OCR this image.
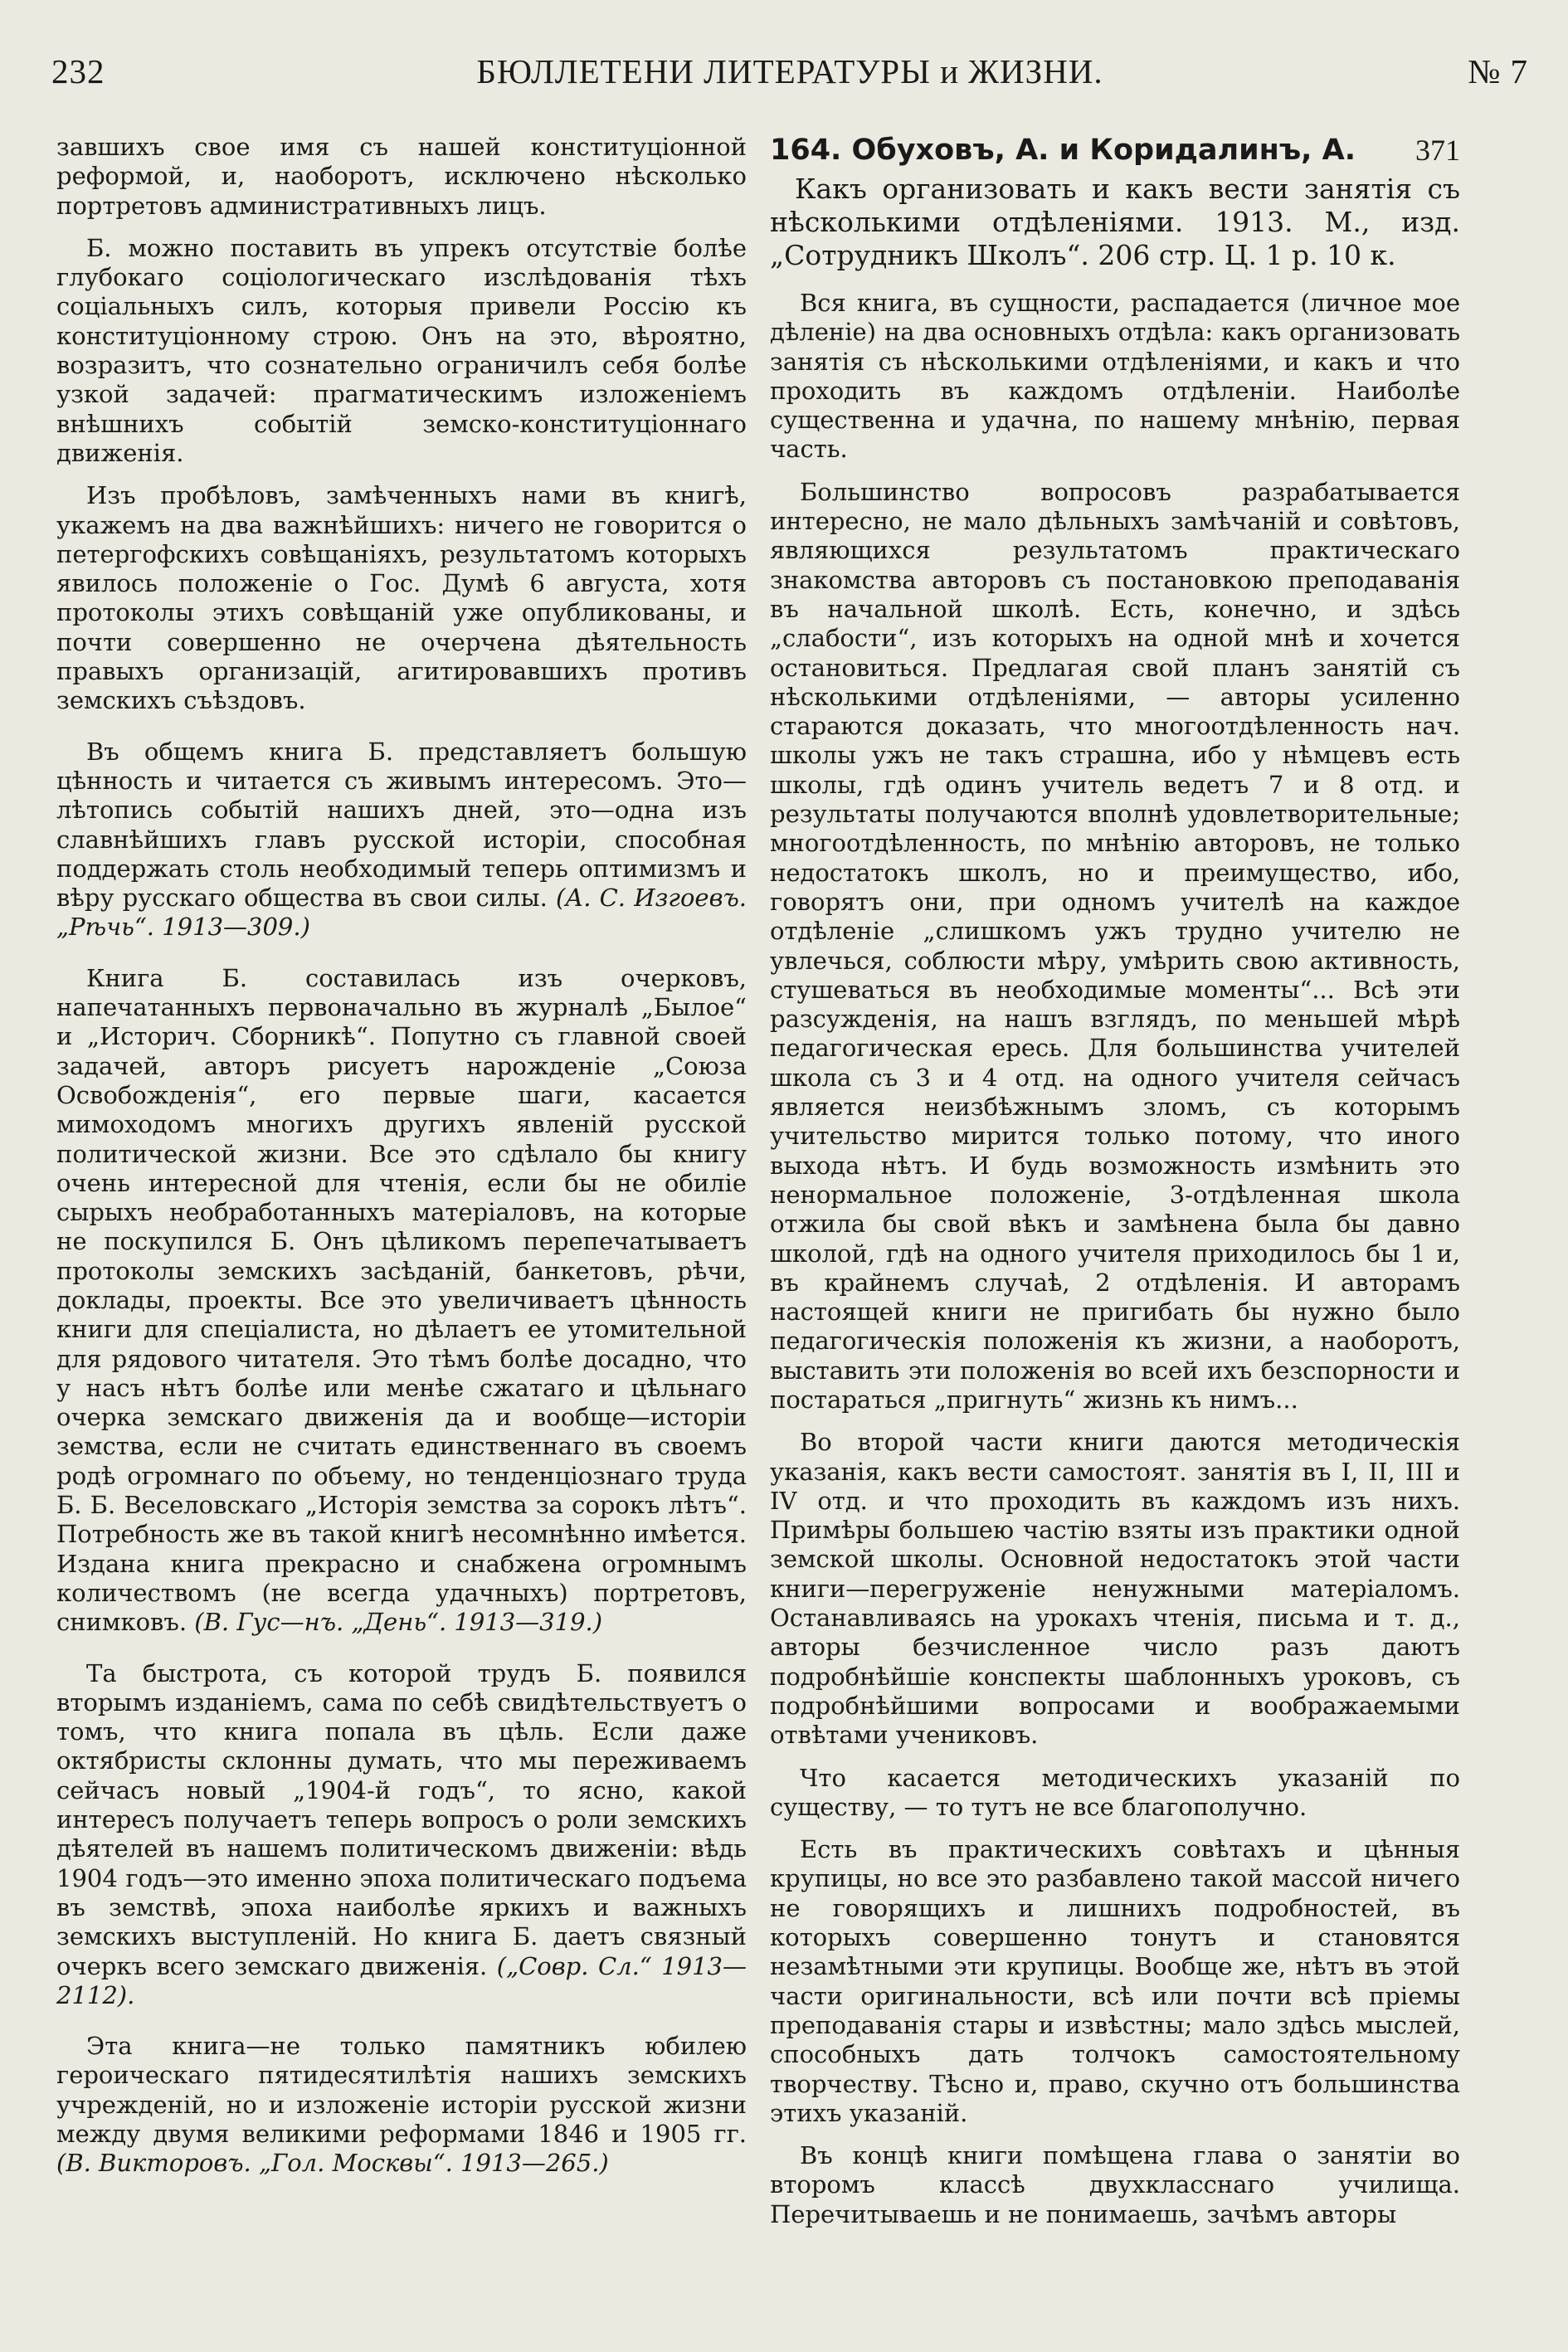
232	БЮЛЛЕТЕНИ ЛИТЕРАТУРЫ и ЖИЗНИ.	№ 7

завшихъ свое имя съ нашей конституціонной реформой, и, наоборотъ, исключено нѣсколько портретовъ административныхъ лицъ.

Б. можно поставить въ упрекъ отсутствіе болѣе глубокаго соціологическаго изслѣдованія тѣхъ соціальныхъ силъ, которыя привели Россію къ конституціонному строю. Онъ на это, вѣроятно, возразитъ, что сознательно ограничилъ себя болѣе узкой задачей: прагматическимъ изложеніемъ внѣшнихъ событій земско-конституціоннаго движенія.

Изъ пробѣловъ, замѣченныхъ нами въ книгѣ, укажемъ на два важнѣйшихъ: ничего не говорится о петергофскихъ совѣщаніяхъ, результатомъ которыхъ явилось положеніе о Гос. Думѣ 6 августа, хотя протоколы этихъ совѣщаній уже опубликованы, и почти совершенно не очерчена дѣятельность правыхъ организацій, агитировавшихъ противъ земскихъ съѣздовъ.

Въ общемъ книга Б. представляетъ большую цѣнность и читается съ живымъ интересомъ. Это—лѣтопись событій нашихъ дней, это—одна изъ славнѣйшихъ главъ русской исторіи, способная поддержать столь необходимый теперь оптимизмъ и вѣру русскаго общества въ свои силы. (А. С. Изгоевъ. „Рѣчь“. 1913—309.)

Книга Б. составилась изъ очерковъ, напечатанныхъ первоначально въ журналѣ „Былое“ и „Историч. Сборникѣ“. Попутно съ главной своей задачей, авторъ рисуетъ нарожденіе „Союза Освобожденія“, его первые шаги, касается мимоходомъ многихъ другихъ явленій русской политической жизни. Все это сдѣлало бы книгу очень интересной для чтенія, если бы не обиліе сырыхъ необработанныхъ матеріаловъ, на которые не поскупился Б. Онъ цѣликомъ перепечатываетъ протоколы земскихъ засѣданій, банкетовъ, рѣчи, доклады, проекты. Все это увеличиваетъ цѣнность книги для спеціалиста, но дѣлаетъ ее утомительной для рядового читателя. Это тѣмъ болѣе досадно, что у насъ нѣтъ болѣе или менѣе сжатаго и цѣльнаго очерка земскаго движенія да и вообще—исторіи земства, если не считать единственнаго въ своемъ родѣ огромнаго по объему, но тенденціознаго труда Б. Б. Веселовскаго „Исторія земства за сорокъ лѣтъ“. Потребность же въ такой книгѣ несомнѣнно имѣется. Издана книга прекрасно и снабжена огромнымъ количествомъ (не всегда удачныхъ) портретовъ, снимковъ. (В. Гус—нъ. „День“. 1913—319.)

Та быстрота, съ которой трудъ Б. появился вторымъ изданіемъ, сама по себѣ свидѣтельствуетъ о томъ, что книга попала въ цѣль. Если даже октябристы склонны думать, что мы переживаемъ сейчасъ новый „1904-й годъ“, то ясно, какой интересъ получаетъ теперь вопросъ о роли земскихъ дѣятелей въ нашемъ политическомъ движеніи: вѣдь 1904 годъ—это именно эпоха политическаго подъема въ земствѣ, эпоха наиболѣе яркихъ и важныхъ земскихъ выступленій. Но книга Б. даетъ связный очеркъ всего земскаго движенія. („Совр. Сл.“ 1913—2112).

Эта книга—не только памятникъ юбилею героическаго пятидесятилѣтія нашихъ земскихъ учрежденій, но и изложеніе исторіи русской жизни между двумя великими реформами 1846 и 1905 гг. (В. Викторовъ. „Гол. Москвы“. 1913—265.)

164. Обуховъ, А. и Коридалинъ, А. 371

Какъ организовать и какъ вести занятія съ нѣсколькими отдѣленіями. 1913. М., изд. „Сотрудникъ Школъ“. 206 стр. Ц. 1 р. 10 к.

Вся книга, въ сущности, распадается (личное мое дѣленіе) на два основныхъ отдѣла: какъ организовать занятія съ нѣсколькими отдѣленіями, и какъ и что проходить въ каждомъ отдѣленіи. Наиболѣе существенна и удачна, по нашему мнѣнію, первая часть.

Большинство вопросовъ разрабатывается интересно, не мало дѣльныхъ замѣчаній и совѣтовъ, являющихся результатомъ практическаго знакомства авторовъ съ постановкою преподаванія въ начальной школѣ. Есть, конечно, и здѣсь „слабости“, изъ которыхъ на одной мнѣ и хочется остановиться. Предлагая свой планъ занятій съ нѣсколькими отдѣленіями, — авторы усиленно стараются доказать, что многоотдѣленность нач. школы ужъ не такъ страшна, ибо у нѣмцевъ есть школы, гдѣ одинъ учитель ведетъ 7 и 8 отд. и результаты получаются вполнѣ удовлетворительные; многоотдѣленность, по мнѣнію авторовъ, не только недостатокъ школъ, но и преимущество, ибо, говорятъ они, при одномъ учителѣ на каждое отдѣленіе „слишкомъ ужъ трудно учителю не увлечься, соблюсти мѣру, умѣрить свою активность, стушеваться въ необходимые моменты“... Всѣ эти разсужденія, на нашъ взглядъ, по меньшей мѣрѣ педагогическая ересь. Для большинства учителей школа съ 3 и 4 отд. на одного учителя сейчасъ является неизбѣжнымъ зломъ, съ которымъ учительство мирится только потому, что иного выхода нѣтъ. И будь возможность измѣнить это ненормальное положеніе, 3-отдѣленная школа отжила бы свой вѣкъ и замѣнена была бы давно школой, гдѣ на одного учителя приходилось бы 1 и, въ крайнемъ случаѣ, 2 отдѣленія. И авторамъ настоящей книги не пригибать бы нужно было педагогическія положенія къ жизни, а наоборотъ, выставить эти положенія во всей ихъ безспорности и постараться „пригнуть“ жизнь къ нимъ...

Во второй части книги даются методическія указанія, какъ вести самостоят. занятія въ I, II, III и IV отд. и что проходить въ каждомъ изъ нихъ. Примѣры большею частію взяты изъ практики одной земской школы. Основной недостатокъ этой части книги—перегруженіе ненужными матеріаломъ. Останавливаясь на урокахъ чтенія, письма и т. д., авторы безчисленное число разъ даютъ подробнѣйшіе конспекты шаблонныхъ уроковъ, съ подробнѣйшими вопросами и воображаемыми отвѣтами учениковъ.

Что касается методическихъ указаній по существу, — то тутъ не все благополучно.

Есть въ практическихъ совѣтахъ и цѣнныя крупицы, но все это разбавлено такой массой ничего не говорящихъ и лишнихъ подробностей, въ которыхъ совершенно тонутъ и становятся незамѣтными эти крупицы. Вообще же, нѣтъ въ этой части оригинальности, всѣ или почти всѣ пріемы преподаванія стары и извѣстны; мало здѣсь мыслей, способныхъ дать толчокъ самостоятельному творчеству. Тѣсно и, право, скучно отъ большинства этихъ указаній.

Въ концѣ книги помѣщена глава о занятіи во второмъ классѣ двухкласснаго училища. Перечитываешь и не понимаешь, зачѣмъ авторы
